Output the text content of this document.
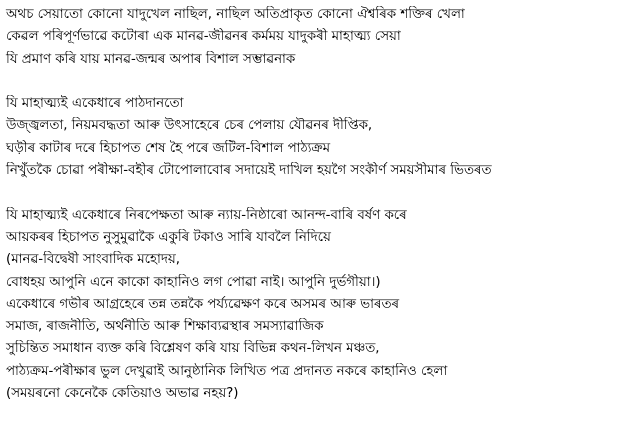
অথচ সেয়াতো কোনো যাদুখেল নাছিল, নাছিল অতিপ্ৰাকৃত কোনো ঐশ্বৰিক শক্তিৰ খেলা
কেৱল পৰিপূৰ্ণভাৱে কটোৰা এক মানৱ-জীৱনৰ কৰ্মময় যাদুকৰী মাহাত্ম্য সেয়া
যি প্ৰমাণ কৰি যায় মানৱ-জন্মৰ অপাৰ বিশাল সম্ভাৱনাক
যি মাহাত্ম্যই একেধাৰে পাঠদানতো
উজ্জ্বলতা, নিয়মবদ্ধতা আৰু উৎসাহেৰে চেৰ পেলায় যৌৱনৰ দীপ্তিক,
ঘড়ীৰ কাটাৰ দৰে হিচাপত শেষ হৈ পৰে জটিল-বিশাল পাঠ্যক্ৰম
নিখুঁতকৈ চোৱা পৰীক্ষা-বহীৰ টোপোলাবোৰ সদায়েই দাখিল হয়গৈ সংকীৰ্ণ সময়সীমাৰ ভিতৰত
যি মাহাত্ম্যই একেধাৰে নিৰপেক্ষতা আৰু ন্যায়-নিষ্ঠাৰো আনন্দ-বাৰি বৰ্ষণ কৰে
আয়কৰৰ হিচাপত নুসুমুৱাকৈ একুৰি টকাও সাৰি যাবলৈ নিদিয়ে
(মানৱ-বিদ্বেষী সাংবাদিক মহোদয়,
বোধহয় আপুনি এনে কাকো কাহানিও লগ পোৱা নাই। আপুনি দুৰ্ভগীয়া।)
একেধাৰে গভীৰ আগ্ৰহেৰে তন্ন তন্নকৈ পৰ্য্যৱেক্ষণ কৰে অসমৰ আৰু ভাৰতৰ
সমাজ, ৰাজনীতি, অৰ্থনীতি আৰু শিক্ষাব্যৱস্থাৰ সমস্যাৱাজিক
সুচিন্তিত সমাধান ব্যক্ত কৰি বিশ্লেষণ কৰি যায় বিভিন্ন কথন-লিখন মঞ্চত,
পাঠ্যক্ৰম-পৰীক্ষাৰ ভুল দেখুৱাই আনুষ্ঠানিক লিখিত পত্ৰ প্ৰদানত নকৰে কাহানিও হেলা
(সময়ৰনো কেনেকৈ কেতিয়াও অভাৱ নহয়?)
